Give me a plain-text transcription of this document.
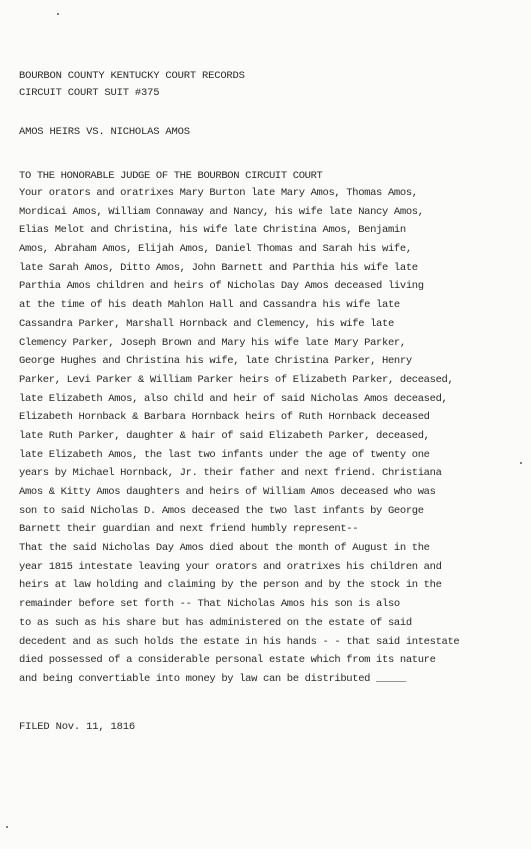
BOURBON COUNTY KENTUCKY COURT RECORDS
CIRCUIT COURT SUIT #375
AMOS HEIRS VS. NICHOLAS AMOS
TO THE HONORABLE JUDGE OF THE BOURBON CIRCUIT COURT
Your orators and oratrixes Mary Burton late Mary Amos, Thomas Amos,
Mordicai Amos, William Connaway and Nancy, his wife late Nancy Amos,
Elias Melot and Christina, his wife late Christina Amos, Benjamin
Amos, Abraham Amos, Elijah Amos, Daniel Thomas and Sarah his wife,
late Sarah Amos, Ditto Amos, John Barnett and Parthia his wife late
Parthia Amos children and heirs of Nicholas Day Amos deceased living
at the time of his death Mahlon Hall and Cassandra his wife late
Cassandra Parker, Marshall Hornback and Clemency, his wife late
Clemency Parker, Joseph Brown and Mary his wife late Mary Parker,
George Hughes and Christina his wife, late Christina Parker, Henry
Parker, Levi Parker & William Parker heirs of Elizabeth Parker, deceased,
late Elizabeth Amos, also child and heir of said Nicholas Amos deceased,
Elizabeth Hornback & Barbara Hornback heirs of Ruth Hornback deceased
late Ruth Parker, daughter & hair of said Elizabeth Parker, deceased,
late Elizabeth Amos, the last two infants under the age of twenty one
years by Michael Hornback, Jr. their father and next friend. Christiana
Amos & Kitty Amos daughters and heirs of William Amos deceased who was
son to said Nicholas D. Amos deceased the two last infants by George
Barnett their guardian and next friend humbly represent--
That the said Nicholas Day Amos died about the month of August in the
year 1815 intestate leaving your orators and oratrixes his children and
heirs at law holding and claiming by the person and by the stock in the
remainder before set forth -- That Nicholas Amos his son is also
to as such as his share but has administered on the estate of said
decedent and as such holds the estate in his hands - - that said intestate
died possessed of a considerable personal estate which from its nature
and being convertiable into money by law can be distributed _____
FILED Nov. 11, 1816
